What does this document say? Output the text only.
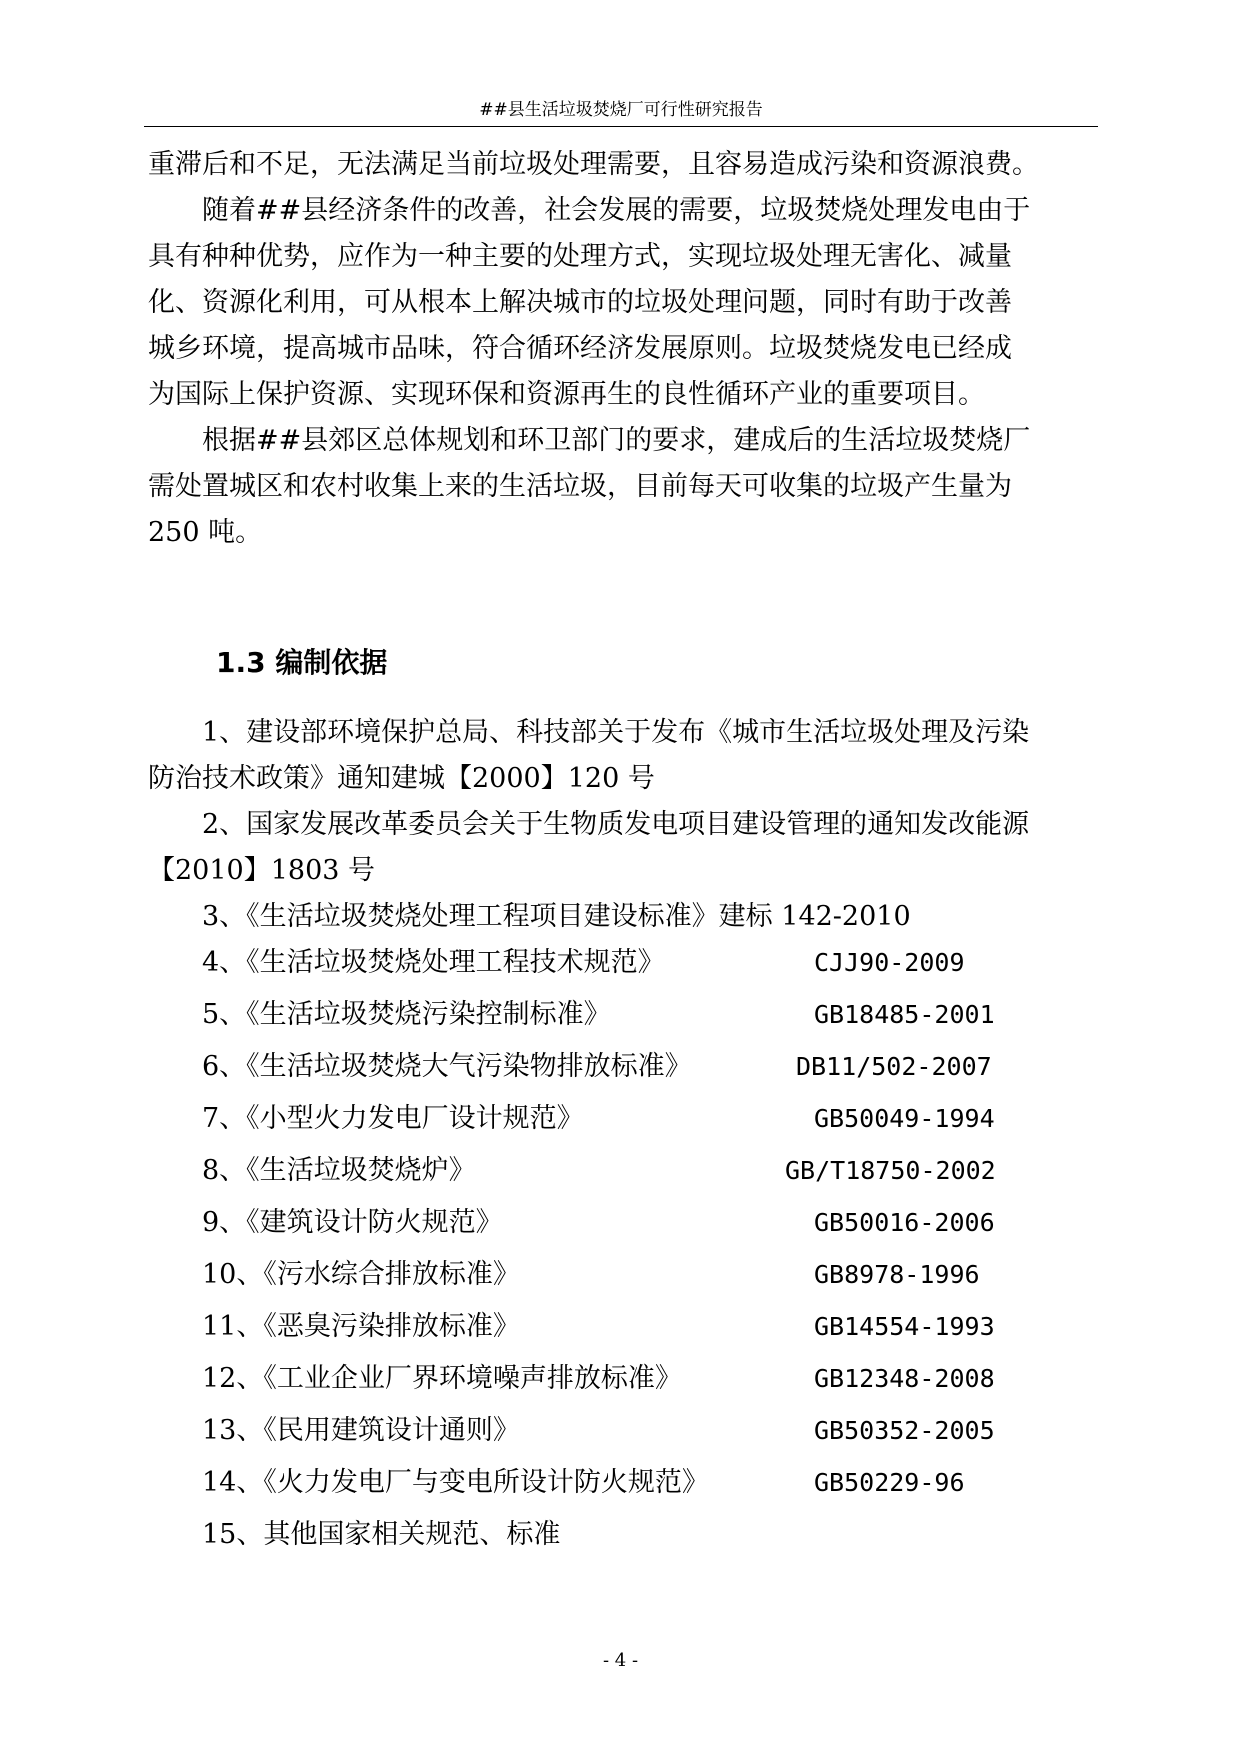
##县生活垃圾焚烧厂可行性研究报告
重滞后和不足，无法满足当前垃圾处理需要，且容易造成污染和资源浪费。
随着##县经济条件的改善，社会发展的需要，垃圾焚烧处理发电由于
具有种种优势，应作为一种主要的处理方式，实现垃圾处理无害化、减量
化、资源化利用，可从根本上解决城市的垃圾处理问题，同时有助于改善
城乡环境，提高城市品味，符合循环经济发展原则。垃圾焚烧发电已经成
为国际上保护资源、实现环保和资源再生的良性循环产业的重要项目。
根据##县郊区总体规划和环卫部门的要求，建成后的生活垃圾焚烧厂
需处置城区和农村收集上来的生活垃圾，目前每天可收集的垃圾产生量为
250 吨。
1.3 编制依据
1、建设部环境保护总局、科技部关于发布《城市生活垃圾处理及污染
防治技术政策》通知建城【2000】120 号
2、国家发展改革委员会关于生物质发电项目建设管理的通知发改能源
【2010】1803 号
3、《生活垃圾焚烧处理工程项目建设标准》建标 142-2010
4、《生活垃圾焚烧处理工程技术规范》	CJJ90-2009
5、《生活垃圾焚烧污染控制标准》	GB18485-2001
6、《生活垃圾焚烧大气污染物排放标准》	DB11/502-2007
7、《小型火力发电厂设计规范》	GB50049-1994
8、《生活垃圾焚烧炉》	GB/T18750-2002
9、《建筑设计防火规范》	GB50016-2006
10、《污水综合排放标准》	GB8978-1996
11、《恶臭污染排放标准》	GB14554-1993
12、《工业企业厂界环境噪声排放标准》	GB12348-2008
13、《民用建筑设计通则》	GB50352-2005
14、《火力发电厂与变电所设计防火规范》	GB50229-96
15、其他国家相关规范、标准
- 4 -
